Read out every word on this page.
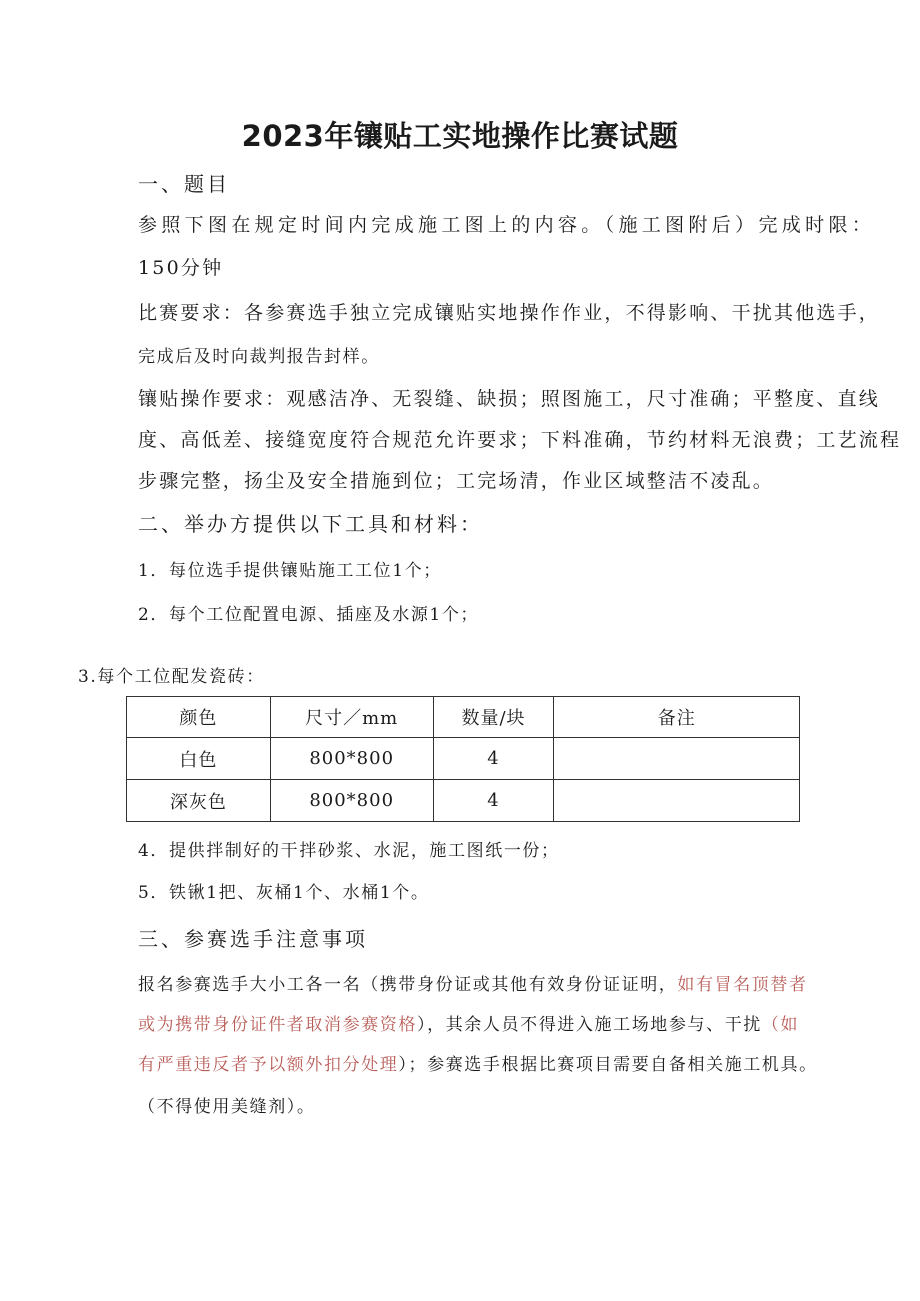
2023年镶贴工实地操作比赛试题
一、题目
参照下图在规定时间内完成施工图上的内容。（施工图附后）完成时限：
150分钟
比赛要求：各参赛选手独立完成镶贴实地操作作业，不得影响、干扰其他选手，
完成后及时向裁判报告封样。
镶贴操作要求：观感洁净、无裂缝、缺损；照图施工，尺寸准确；平整度、直线
度、高低差、接缝宽度符合规范允许要求；下料准确，节约材料无浪费；工艺流程
步骤完整，扬尘及安全措施到位；工完场清，作业区域整洁不凌乱。
二、举办方提供以下工具和材料：
1．每位选手提供镶贴施工工位1个；
2．每个工位配置电源、插座及水源1个；
3.每个工位配发瓷砖：
颜色	尺寸／mm	数量/块	备注
白色	800*800	4	
深灰色	800*800	4	
4．提供拌制好的干拌砂浆、水泥，施工图纸一份；
5．铁锹1把、灰桶1个、水桶1个。
三、参赛选手注意事项
报名参赛选手大小工各一名（携带身份证或其他有效身份证证明，如有冒名顶替者
或为携带身份证件者取消参赛资格），其余人员不得进入施工场地参与、干扰（如
有严重违反者予以额外扣分处理）；参赛选手根据比赛项目需要自备相关施工机具。
（不得使用美缝剂）。
